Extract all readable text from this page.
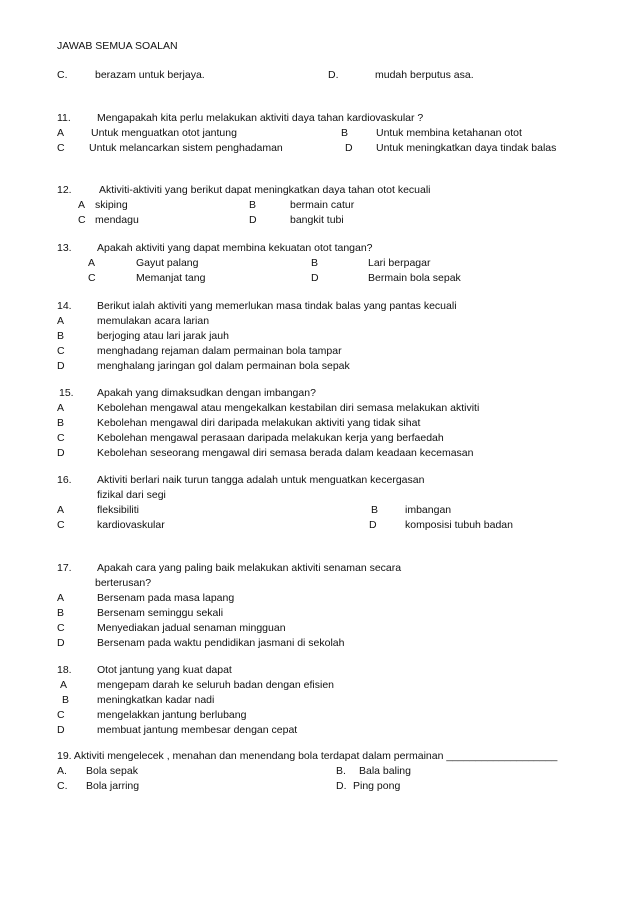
JAWAB SEMUA SOALAN
C.	berazam untuk berjaya.	D.	mudah berputus asa.
11. Mengapakah kita perlu melakukan aktiviti daya tahan kardiovaskular ?
A	Untuk menguatkan otot jantung	B	Untuk membina ketahanan otot
C Untuk melancarkan sistem penghadaman	D Untuk meningkatkan daya tindak balas
12.	Aktiviti-aktiviti yang berikut dapat meningkatkan daya tahan otot kecuali
A skiping	B	bermain catur
C mendagu	D	bangkit tubi
13. Apakah aktiviti yang dapat membina kekuatan otot tangan?
A	Gayut palang	B	Lari berpagar
C	Memanjat tang	D	Bermain bola sepak
14. Berikut ialah aktiviti yang memerlukan masa tindak balas yang pantas kecuali
A	memulakan acara larian
B	berjoging atau lari jarak jauh
C	menghadang rejaman dalam permainan bola tampar
D	menghalang jaringan gol dalam permainan bola sepak
15. Apakah yang dimaksudkan dengan imbangan?
A	Kebolehan mengawal atau mengekalkan kestabilan diri semasa melakukan aktiviti
B	Kebolehan mengawal diri daripada melakukan aktiviti yang tidak sihat
C	Kebolehan mengawal perasaan daripada melakukan kerja yang berfaedah
D	Kebolehan seseorang mengawal diri semasa berada dalam keadaan kecemasan
16. Aktiviti berlari naik turun tangga adalah untuk menguatkan kecergasan
fizikal dari segi
A	fleksibiliti	B	imbangan
C	kardiovaskular	D	komposisi tubuh badan
17. Apakah cara yang paling baik melakukan aktiviti senaman secara
berterusan?
A	Bersenam pada masa lapang
B	Bersenam seminggu sekali
C	Menyediakan jadual senaman mingguan
D	Bersenam pada waktu pendidikan jasmani di sekolah
18. Otot jantung yang kuat dapat
A	mengepam darah ke seluruh badan dengan efisien
B	meningkatkan kadar nadi
C	mengelakkan jantung berlubang
D	membuat jantung membesar dengan cepat
19. Aktiviti mengelecek , menahan dan menendang bola terdapat dalam permainan ___________________
A. Bola sepak	B. Bala baling
C. Bola jarring	D. Ping pong
